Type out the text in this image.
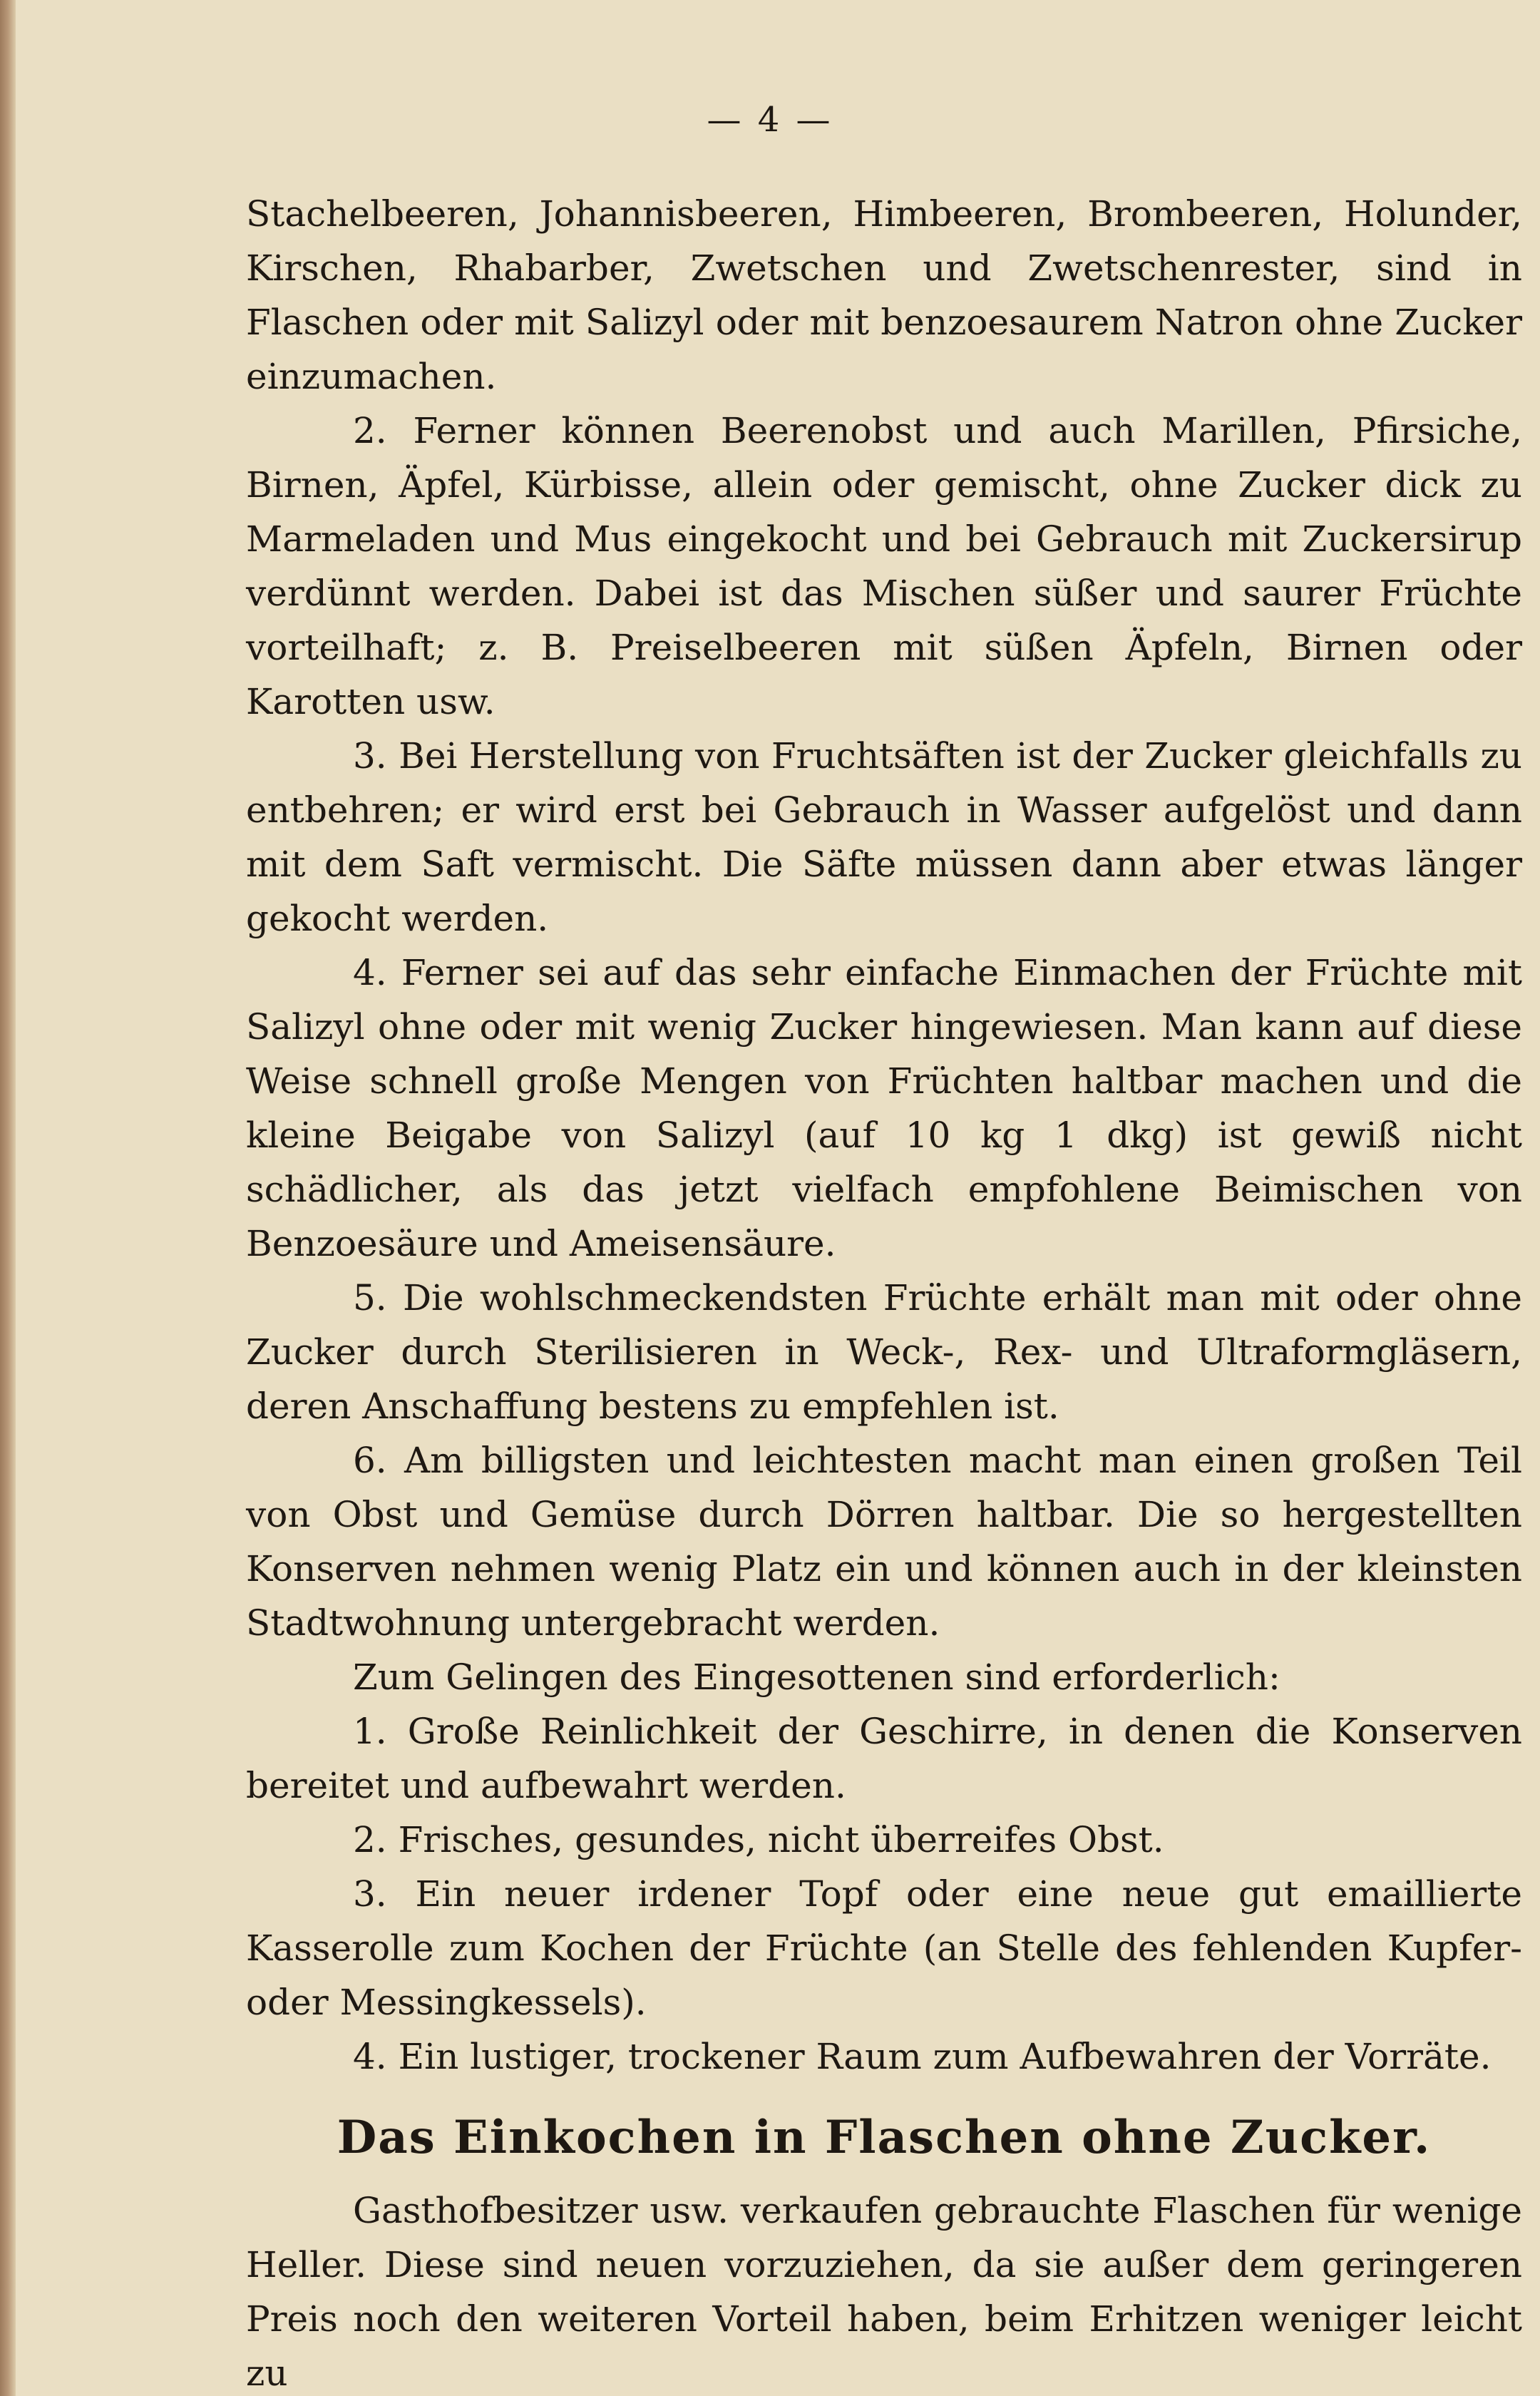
— 4 —

Stachelbeeren, Johannisbeeren, Himbeeren, Brombeeren, Holunder, Kirschen, Rhabarber, Zwetschen und Zwetschenrester, sind in Flaschen oder mit Salizyl oder mit benzoesaurem Natron ohne Zucker einzumachen.

2. Ferner können Beerenobst und auch Marillen, Pfirsiche, Birnen, Äpfel, Kürbisse, allein oder gemischt, ohne Zucker dick zu Marmeladen und Mus eingekocht und bei Gebrauch mit Zuckersirup verdünnt werden. Dabei ist das Mischen süßer und saurer Früchte vorteilhaft; z. B. Preiselbeeren mit süßen Äpfeln, Birnen oder Karotten usw.

3. Bei Herstellung von Fruchtsäften ist der Zucker gleichfalls zu entbehren; er wird erst bei Gebrauch in Wasser aufgelöst und dann mit dem Saft vermischt. Die Säfte müssen dann aber etwas länger gekocht werden.

4. Ferner sei auf das sehr einfache Einmachen der Früchte mit Salizyl ohne oder mit wenig Zucker hingewiesen. Man kann auf diese Weise schnell große Mengen von Früchten haltbar machen und die kleine Beigabe von Salizyl (auf 10 kg 1 dkg) ist gewiß nicht schädlicher, als das jetzt vielfach empfohlene Beimischen von Benzoesäure und Ameisensäure.

5. Die wohlschmeckendsten Früchte erhält man mit oder ohne Zucker durch Sterilisieren in Weck-, Rex- und Ultraformgläsern, deren Anschaffung bestens zu empfehlen ist.

6. Am billigsten und leichtesten macht man einen großen Teil von Obst und Gemüse durch Dörren haltbar. Die so hergestellten Konserven nehmen wenig Platz ein und können auch in der kleinsten Stadtwohnung untergebracht werden.

Zum Gelingen des Eingesottenen sind erforderlich:

1. Große Reinlichkeit der Geschirre, in denen die Konserven bereitet und aufbewahrt werden.

2. Frisches, gesundes, nicht überreifes Obst.

3. Ein neuer irdener Topf oder eine neue gut emaillierte Kasserolle zum Kochen der Früchte (an Stelle des fehlenden Kupfer- oder Messingkessels).

4. Ein lustiger, trockener Raum zum Aufbewahren der Vorräte.

Das Einkochen in Flaschen ohne Zucker.

Gasthofbesitzer usw. verkaufen gebrauchte Flaschen für wenige Heller. Diese sind neuen vorzuziehen, da sie außer dem geringeren Preis noch den weiteren Vorteil haben, beim Erhitzen weniger leicht zu
